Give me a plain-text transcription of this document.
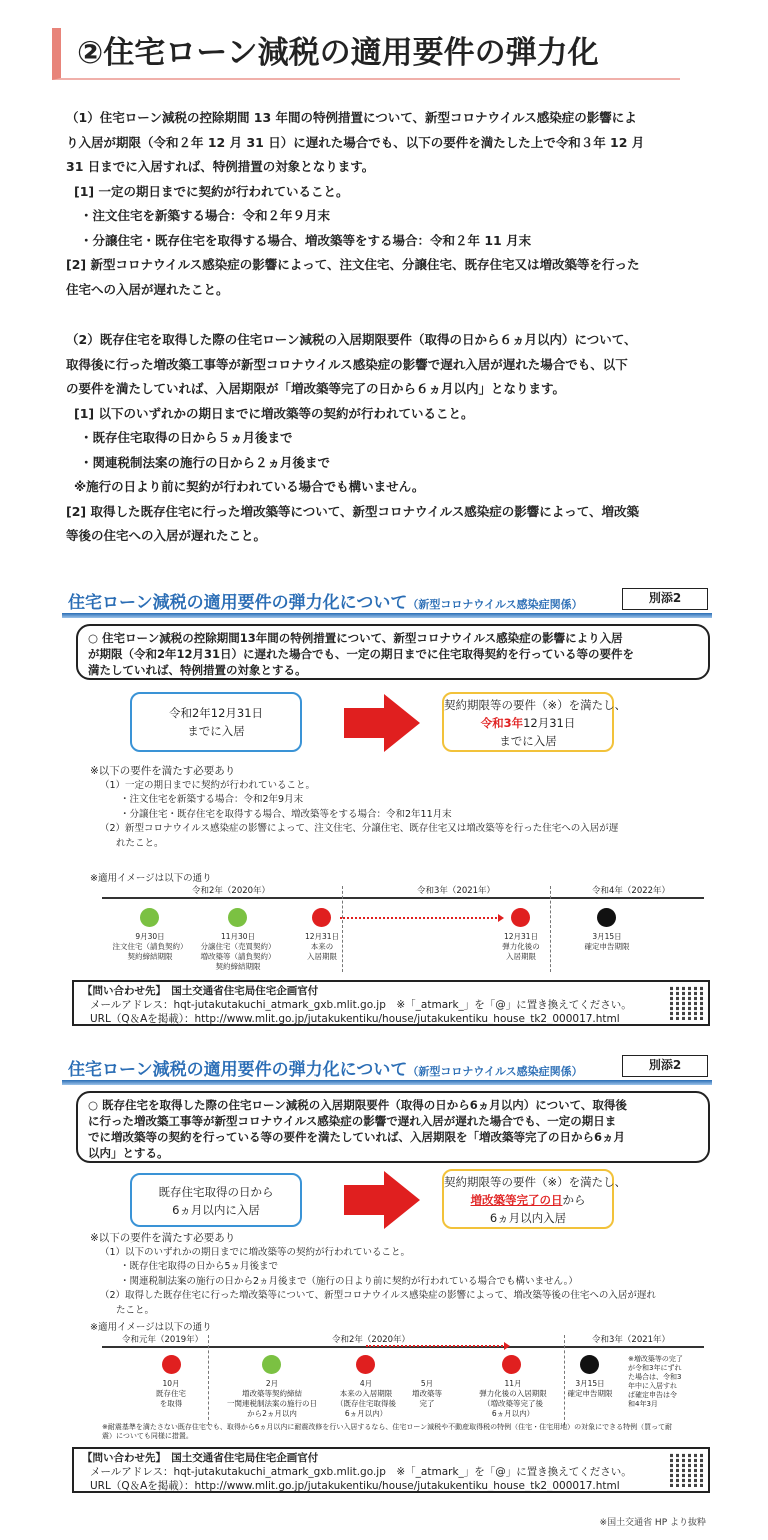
②住宅ローン減税の適用要件の弾力化

（1）住宅ローン減税の控除期間 13 年間の特例措置について、新型コロナウイルス感染症の影響によ

り入居が期限（令和２年 12 月 31 日）に遅れた場合でも、以下の要件を満たした上で令和３年 12 月

31 日までに入居すれば、特例措置の対象となります。

[1] 一定の期日までに契約が行われていること。

・注文住宅を新築する場合：令和２年９月末

・分譲住宅・既存住宅を取得する場合、増改築等をする場合：令和２年 11 月末

[2] 新型コロナウイルス感染症の影響によって、注文住宅、分譲住宅、既存住宅又は増改築等を行った

住宅への入居が遅れたこと。

（2）既存住宅を取得した際の住宅ローン減税の入居期限要件（取得の日から６ヵ月以内）について、

取得後に行った増改築工事等が新型コロナウイルス感染症の影響で遅れ入居が遅れた場合でも、以下

の要件を満たしていれば、入居期限が「増改築等完了の日から６ヵ月以内」となります。

[1] 以下のいずれかの期日までに増改築等の契約が行われていること。

・既存住宅取得の日から５ヵ月後まで

・関連税制法案の施行の日から２ヵ月後まで

※施行の日より前に契約が行われている場合でも構いません。

[2] 取得した既存住宅に行った増改築等について、新型コロナウイルス感染症の影響によって、増改築

等後の住宅への入居が遅れたこと。

住宅ローン減税の適用要件の弾力化について（新型コロナウイルス感染症関係）	別添2

○ 住宅ローン減税の控除期間13年間の特例措置について、新型コロナウイルス感染症の影響により入居

が期限（令和2年12月31日）に遅れた場合でも、一定の期日までに住宅取得契約を行っている等の要件を

満たしていれば、特例措置の対象とする。

令和2年12月31日

までに入居

契約期限等の要件（※）を満たし、

令和3年12月31日

までに入居

※以下の要件を満たす必要あり

（1）一定の期日までに契約が行われていること。

・注文住宅を新築する場合：令和2年9月末

・分譲住宅・既存住宅を取得する場合、増改築等をする場合：令和2年11月末

（2）新型コロナウイルス感染症の影響によって、注文住宅、分譲住宅、既存住宅又は増改築等を行った住宅への入居が遅

れたこと。

※適用イメージは以下の通り
令和2年（2020年）	令和3年（2021年）	令和4年（2022年）
9月30日
注文住宅（請負契約）
契約締結期限
11月30日
分譲住宅（売買契約）
増改築等（請負契約）
契約締結期限
12月31日
本来の
入居期限
12月31日
弾力化後の
入居期限
3月15日
確定申告期限

【問い合わせ先】　国土交通省住宅局住宅企画官付

メールアドレス：hqt-jutakutakuchi_atmark_gxb.mlit.go.jp　※「_atmark_」を「@」に置き換えてください。

URL（Q＆Aを掲載）：http://www.mlit.go.jp/jutakukentiku/house/jutakukentiku_house_tk2_000017.html

住宅ローン減税の適用要件の弾力化について（新型コロナウイルス感染症関係）	別添2

○ 既存住宅を取得した際の住宅ローン減税の入居期限要件（取得の日から6ヵ月以内）について、取得後

に行った増改築工事等が新型コロナウイルス感染症の影響で遅れ入居が遅れた場合でも、一定の期日ま

でに増改築等の契約を行っている等の要件を満たしていれば、入居期限を「増改築等完了の日から6ヵ月

以内」とする。

既存住宅取得の日から

6ヵ月以内に入居

契約期限等の要件（※）を満たし、

増改築等完了の日から

6ヵ月以内入居

※以下の要件を満たす必要あり

（1）以下のいずれかの期日までに増改築等の契約が行われていること。

・既存住宅取得の日から5ヵ月後まで

・関連税制法案の施行の日から2ヵ月後まで（施行の日より前に契約が行われている場合でも構いません。）

（2）取得した既存住宅に行った増改築等について、新型コロナウイルス感染症の影響によって、増改築等後の住宅への入居が遅れ

たこと。

※適用イメージは以下の通り
令和元年（2019年）	令和2年（2020年）	令和3年（2021年）
10月
既存住宅
を取得
2月
増改築等契約締結
一関連税制法案の施行の日
から2ヵ月以内
4月
本来の入居期限
（既存住宅取得後
6ヵ月以内）
5月
増改築等
完了
11月
弾力化後の入居期限
（増改築等完了後
6ヵ月以内）
3月15日
確定申告期限
※増改築等の完了
が令和3年にずれ
た場合は、令和3
年中に入居すれ
ば確定申告は令
和4年3月
※耐震基準を満たさない既存住宅でも、取得から6ヵ月以内に耐震改修を行い入居するなら、住宅ローン減税や不動産取得税の特例（住宅・住宅用地）の対象にできる特例（買って耐
震）についても同様に措置。

【問い合わせ先】　国土交通省住宅局住宅企画官付

メールアドレス：hqt-jutakutakuchi_atmark_gxb.mlit.go.jp　※「_atmark_」を「@」に置き換えてください。

URL（Q＆Aを掲載）：http://www.mlit.go.jp/jutakukentiku/house/jutakukentiku_house_tk2_000017.html

※国土交通省 HP より抜粋
